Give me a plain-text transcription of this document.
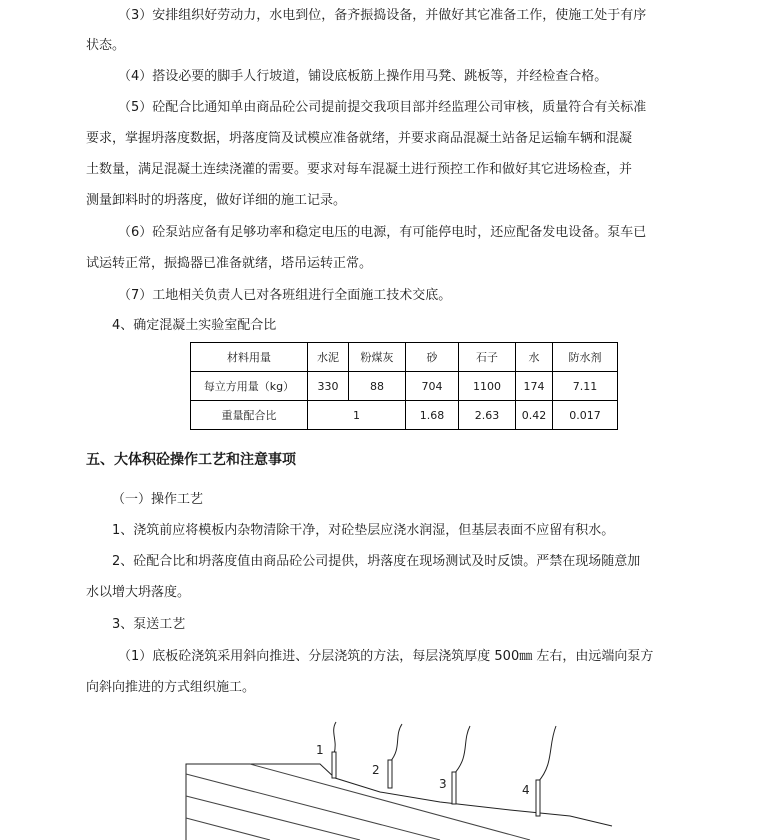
（3）安排组织好劳动力，水电到位，备齐振捣设备，并做好其它准备工作，使施工处于有序
状态。
（4）搭设必要的脚手人行坡道，铺设底板筋上操作用马凳、跳板等，并经检查合格。
（5）砼配合比通知单由商品砼公司提前提交我项目部并经监理公司审核，质量符合有关标准
要求，掌握坍落度数据，坍落度筒及试模应准备就绪，并要求商品混凝土站备足运输车辆和混凝
土数量，满足混凝土连续浇灌的需要。要求对每车混凝土进行预控工作和做好其它进场检查，并
测量卸料时的坍落度，做好详细的施工记录。
（6）砼泵站应备有足够功率和稳定电压的电源，有可能停电时，还应配备发电设备。泵车已
试运转正常，振捣器已准备就绪，塔吊运转正常。
（7）工地相关负责人已对各班组进行全面施工技术交底。
4、确定混凝土实验室配合比
材料用量	水泥	粉煤灰	砂	石子	水	防水剂
每立方用量（kg）	330	88	704	1100	174	7.11
重量配合比	1		1.68	2.63	0.42	0.017
五、大体积砼操作工艺和注意事项
（一）操作工艺
1、浇筑前应将模板内杂物清除干净，对砼垫层应浇水润湿，但基层表面不应留有积水。
2、砼配合比和坍落度值由商品砼公司提供，坍落度在现场测试及时反馈。严禁在现场随意加
水以增大坍落度。
3、泵送工艺
（1）底板砼浇筑采用斜向推进、分层浇筑的方法，每层浇筑厚度 500㎜ 左右，由远端向泵方
向斜向推进的方式组织施工。
1
2
3	4
